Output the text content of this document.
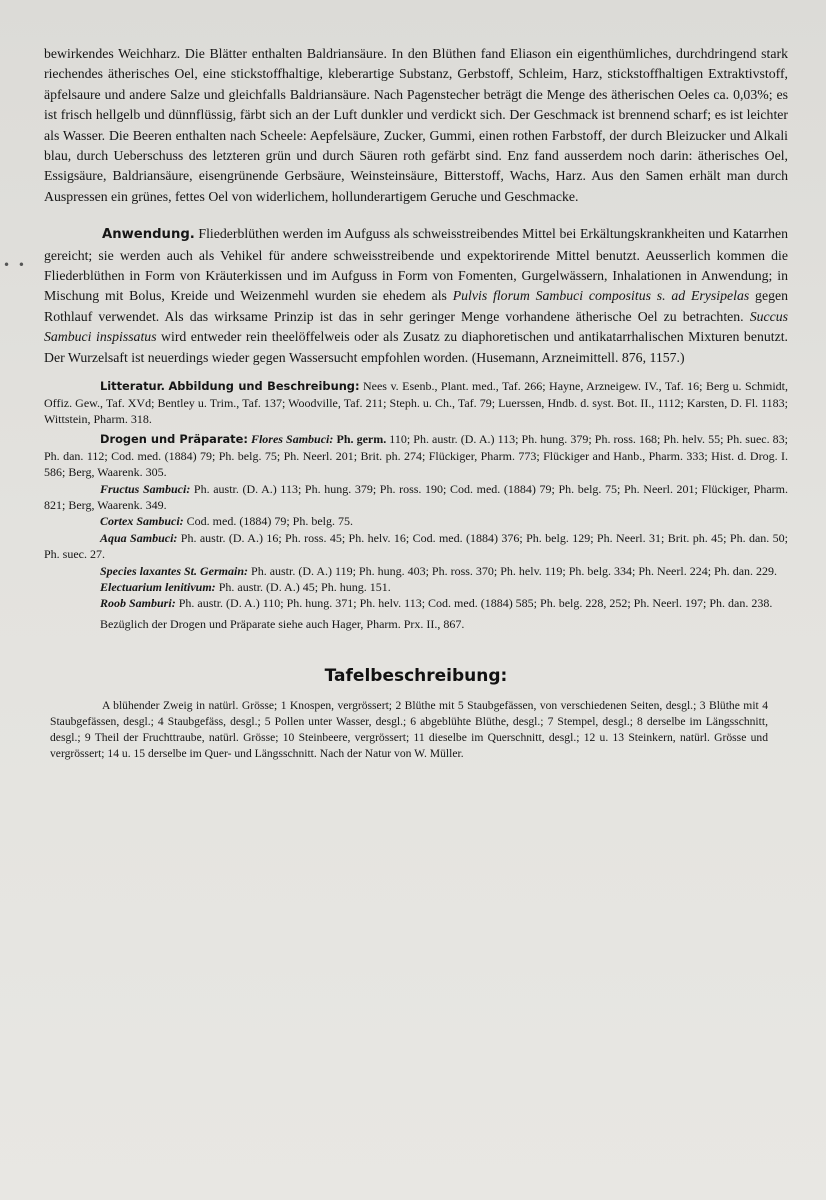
• •

bewirkendes Weichharz. Die Blätter enthalten Baldriansäure. In den Blüthen fand Eliason ein eigenthümliches, durchdringend stark riechendes ätherisches Oel, eine stickstoffhaltige, kleberartige Substanz, Gerbstoff, Schleim, Harz, stickstoffhaltigen Extraktivstoff, äpfelsaure und andere Salze und gleichfalls Baldriansäure. Nach Pagenstecher beträgt die Menge des ätherischen Oeles ca. 0,03%; es ist frisch hellgelb und dünnflüssig, färbt sich an der Luft dunkler und verdickt sich. Der Geschmack ist brennend scharf; es ist leichter als Wasser. Die Beeren enthalten nach Scheele: Aepfelsäure, Zucker, Gummi, einen rothen Farbstoff, der durch Bleizucker und Alkali blau, durch Ueberschuss des letzteren grün und durch Säuren roth gefärbt sind. Enz fand ausserdem noch darin: ätherisches Oel, Essigsäure, Baldriansäure, eisengrünende Gerbsäure, Weinsteinsäure, Bitterstoff, Wachs, Harz. Aus den Samen erhält man durch Auspressen ein grünes, fettes Oel von widerlichem, hollunderartigem Geruche und Geschmacke.

Anwendung. Fliederblüthen werden im Aufguss als schweisstreibendes Mittel bei Erkältungskrankheiten und Katarrhen gereicht; sie werden auch als Vehikel für andere schweisstreibende und expektorirende Mittel benutzt. Aeusserlich kommen die Fliederblüthen in Form von Kräuterkissen und im Aufguss in Form von Fomenten, Gurgelwässern, Inhalationen in Anwendung; in Mischung mit Bolus, Kreide und Weizenmehl wurden sie ehedem als Pulvis florum Sambuci compositus s. ad Erysipelas gegen Rothlauf verwendet. Als das wirksame Prinzip ist das in sehr geringer Menge vorhandene ätherische Oel zu betrachten. Succus Sambuci inspissatus wird entweder rein theelöffelweis oder als Zusatz zu diaphoretischen und antikatarrhalischen Mixturen benutzt. Der Wurzelsaft ist neuerdings wieder gegen Wassersucht empfohlen worden. (Husemann, Arzneimittell. 876, 1157.)

Litteratur. Abbildung und Beschreibung: Nees v. Esenb., Plant. med., Taf. 266; Hayne, Arzneigew. IV., Taf. 16; Berg u. Schmidt, Offiz. Gew., Taf. XVd; Bentley u. Trim., Taf. 137; Woodville, Taf. 211; Steph. u. Ch., Taf. 79; Luerssen, Hndb. d. syst. Bot. II., 1112; Karsten, D. Fl. 1183; Wittstein, Pharm. 318.

Drogen und Präparate: Flores Sambuci: Ph. germ. 110; Ph. austr. (D. A.) 113; Ph. hung. 379; Ph. ross. 168; Ph. helv. 55; Ph. suec. 83; Ph. dan. 112; Cod. med. (1884) 79; Ph. belg. 75; Ph. Neerl. 201; Brit. ph. 274; Flückiger, Pharm. 773; Flückiger and Hanb., Pharm. 333; Hist. d. Drog. I. 586; Berg, Waarenk. 305.

Fructus Sambuci: Ph. austr. (D. A.) 113; Ph. hung. 379; Ph. ross. 190; Cod. med. (1884) 79; Ph. belg. 75; Ph. Neerl. 201; Flückiger, Pharm. 821; Berg, Waarenk. 349.

Cortex Sambuci: Cod. med. (1884) 79; Ph. belg. 75.

Aqua Sambuci: Ph. austr. (D. A.) 16; Ph. ross. 45; Ph. helv. 16; Cod. med. (1884) 376; Ph. belg. 129; Ph. Neerl. 31; Brit. ph. 45; Ph. dan. 50; Ph. suec. 27.

Species laxantes St. Germain: Ph. austr. (D. A.) 119; Ph. hung. 403; Ph. ross. 370; Ph. helv. 119; Ph. belg. 334; Ph. Neerl. 224; Ph. dan. 229.

Electuarium lenitivum: Ph. austr. (D. A.) 45; Ph. hung. 151.

Roob Samburi: Ph. austr. (D. A.) 110; Ph. hung. 371; Ph. helv. 113; Cod. med. (1884) 585; Ph. belg. 228, 252; Ph. Neerl. 197; Ph. dan. 238.

Bezüglich der Drogen und Präparate siehe auch Hager, Pharm. Prx. II., 867.

Tafelbeschreibung:

A blühender Zweig in natürl. Grösse; 1 Knospen, vergrössert; 2 Blüthe mit 5 Staubgefässen, von verschiedenen Seiten, desgl.; 3 Blüthe mit 4 Staubgefässen, desgl.; 4 Staubgefäss, desgl.; 5 Pollen unter Wasser, desgl.; 6 abgeblühte Blüthe, desgl.; 7 Stempel, desgl.; 8 derselbe im Längsschnitt, desgl.; 9 Theil der Fruchttraube, natürl. Grösse; 10 Steinbeere, vergrössert; 11 dieselbe im Querschnitt, desgl.; 12 u. 13 Steinkern, natürl. Grösse und vergrössert; 14 u. 15 derselbe im Quer- und Längsschnitt. Nach der Natur von W. Müller.
